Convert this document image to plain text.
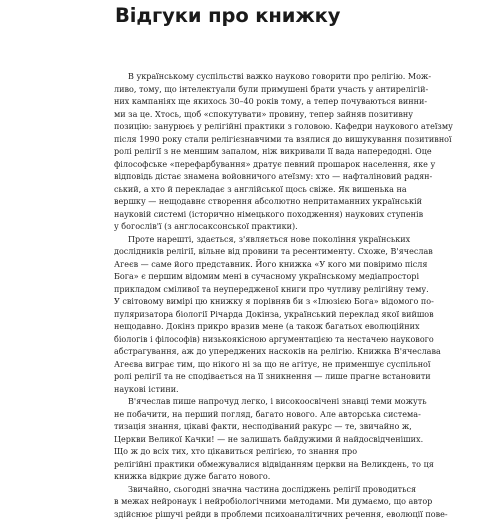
Відгуки про книжку
В українському суспільстві важко науково говорити про релігію. Мож-
ливо, тому, що інтелектуали були примушені брати участь у антирелігій-
них кампаніях ще якихось 30–40 років тому, а тепер почуваються винни-
ми за це. Хтось, щоб «спокутувати» провину, тепер зайняв позитивну
позицію: занурюєь у релігійні практики з головою. Кафедри наукового атеїзму
після 1990 року стали релігієзнавчими та взялися до вишукування позитивної
ролі релігії з не меншим запалом, ніж викривали її вада напередодні. Оце
філософське «перефарбування» дратує певний прошарок населення, яке у
відповідь дістає знамена войовничого атеїзму: хто — нафталіновий радян-
ський, а хто й перекладає з англійської щось свіже. Як вишенька на
вершку — нещодавнє створення абсолютно непритаманних українській
науковій системі (історично німецького походження) наукових ступенів
у богослів'ї (з англосаксонської практики).
Проте нарешті, здається, з'являється нове покоління українських
дослідників релігії, вільне від провини та ресентименту. Схоже, В'ячеслав
Агеєв — саме його представник. Його книжка «У кого ми повіримо після
Бога» є першим відомим мені в сучасному українському медіапросторі
прикладом сміливої та неупередженої книги про чутливу релігійну тему.
У світовому вимірі цю книжку я порівняв би з «Ілюзією Бога» відомого по-
пуляризатора біології Річарда Докінза, український переклад якої вийшов
нещодавно. Докінз прикро вразив мене (а також багатьох еволюційних
біологів і філософів) низькоякісною аргументацією та нестачею наукового
абстрагування, аж до упереджених наскоків на релігію. Книжка В'ячеслава
Агеєва виграє тим, що нікого ні за що не агітує, не применшує суспільної
ролі релігії та не сподівається на її зникнення — лише прагне встановити
наукові істини.
В'ячеслав пише напрочуд легко, і високоосвічені знавці теми можуть
не побачити, на перший погляд, багато нового. Але авторська система-
тизація знання, цікаві факти, несподіваний ракурс — те, звичайно ж,
Церкви Великої Качки! — не залишать байдужими й найдосвідченіших.
Що ж до всіх тих, хто цікавиться релігією, то знання про
релігійні практики обмежувалися відвіданням церкви на Великдень, то ця
книжка відкриє дуже багато нового.
Звичайно, сьогодні значна частина досліджень релігії проводиться
в межах нейронаук і нейробіологічними методами. Ми думаємо, що автор
здійснює рішучі рейди в проблеми психоаналітичних речення, еволюції пове-
